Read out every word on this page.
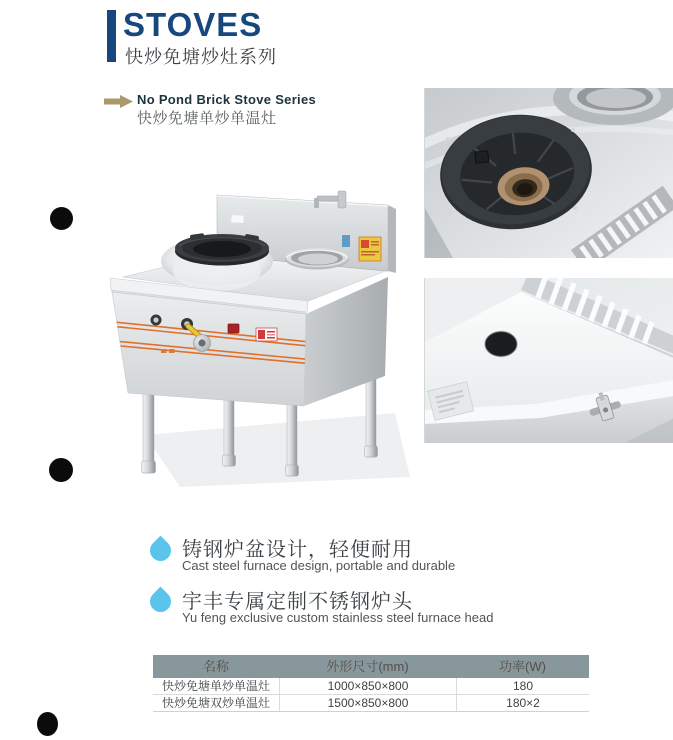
STOVES
快炒免塘炒灶系列
No Pond Brick Stove Series
快炒免塘单炒单温灶
铸钢炉盆设计，轻便耐用
Cast steel furnace design, portable and durable
宇丰专属定制不锈钢炉头
Yu feng exclusive custom stainless steel furnace head
名称	外形尺寸(mm)	功率(W)
快炒免塘单炒单温灶	1000×850×800	180
快炒免塘双炒单温灶	1500×850×800	180×2
